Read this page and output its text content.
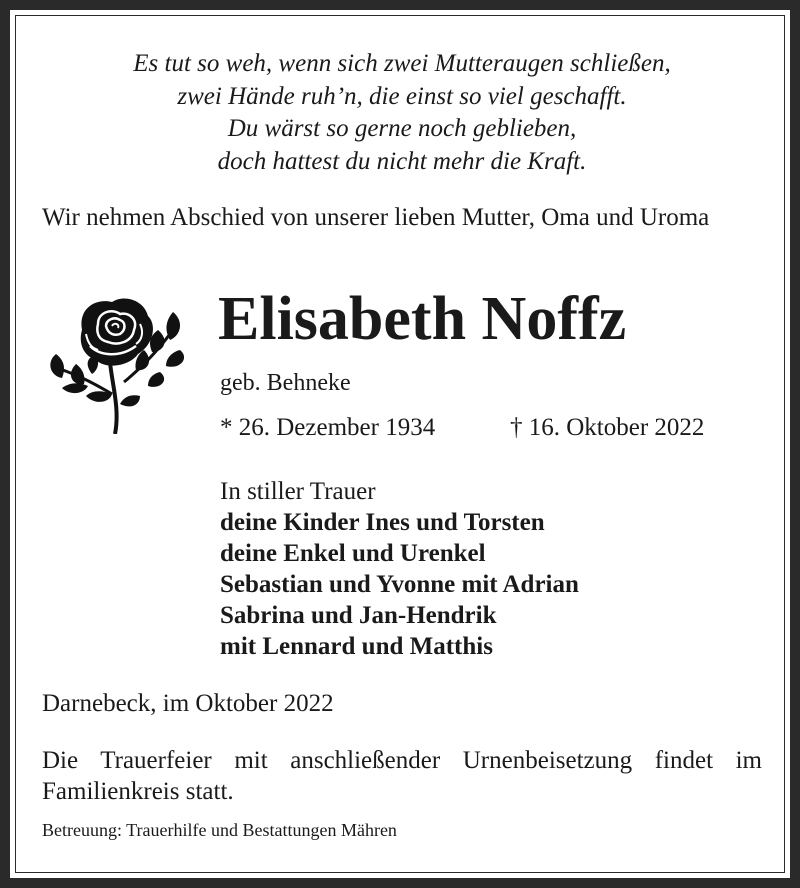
Es tut so weh, wenn sich zwei Mutteraugen schließen,
zwei Hände ruh’n, die einst so viel geschafft.
Du wärst so gerne noch geblieben,
doch hattest du nicht mehr die Kraft.
Wir nehmen Abschied von unserer lieben Mutter, Oma und Uroma
Elisabeth Noffz
geb. Behneke
* 26. Dezember 1934	† 16. Oktober 2022
In stiller Trauer
deine Kinder Ines und Torsten
deine Enkel und Urenkel
Sebastian und Yvonne mit Adrian
Sabrina und Jan-Hendrik
mit Lennard und Matthis
Darnebeck, im Oktober 2022
Die Trauerfeier mit anschließender Urnenbeisetzung findet im Familienkreis statt.
Betreuung: Trauerhilfe und Bestattungen Mähren
